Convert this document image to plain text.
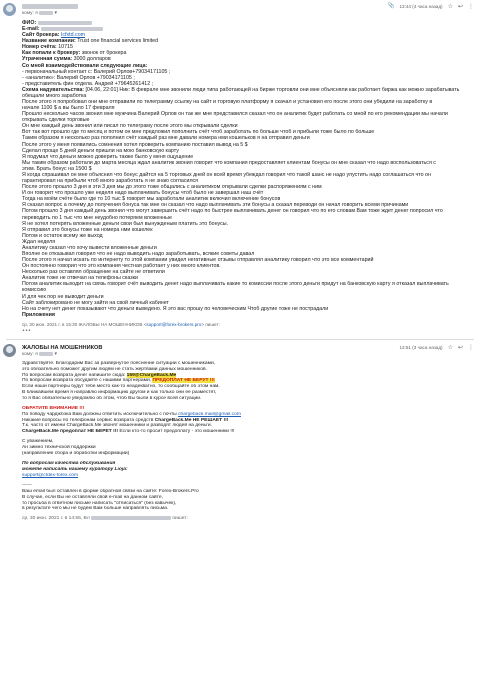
кому: я	▾
📎 13:44 (4 часа назад) ☆ ↩ ⋮
ФИО:
E-mail:
Сайт брокера: Icfxtd.com
Название компании: Trust one financial services limited
Номер счёта: 10715
Как попали к брокеру: звонок от брокера
Утраченная сумма: 3000 долларов
Со мной взаимодействовали следующие лица:
- первоначальный контакт с: Валерий Орлов+79034171105 ;
- «аналитик»: Валерий Орлов +79034171105 ;
- представитель фин отдела. Андрей +79645261412 ;
Схема надувательства: [04.06, 22:01] Ник: В феврале мне звонили люди типа работающей на бирже торговли они мне объясняли как работает биржа как можно зарабатывать
обещали много заработка
После этого я попробовал они мне отправили по телеграмму ссылку на сайт и торговую платформу я скачал и установил его после этого они убедили на заработку в
начале 1100 $ а вы было 17 февраля
Прошло несколько часов звонил мне мужчина Валерий Орлов он так же мне представился сказал что он аналитик будет работать со мной по его рекомендации мы начали
открывать сделки торговые
Он мне каждый день звонил или писал по телеграму после этого мы открывали сделки
Вот так вот прошло где то месяц и потом он мне предложил пополнить счёт чтоб заработать по больше чтоб и прибыли тоже было по больше
Таким образом я несколько раз пополнил счёт каждый раз мне давали номера нми кошельков я на отправил деньги
После этого у меня появились сомнения хотел проверить компанию поставил вывод на 5 $
Сделал проще 5 дней деньги пришли на мою банковскую карту
Я подумал что деньги можно доверить также было у меня ощущение
Мы таким образом работали до марта месяца ждал аналитик звонил говорит что компания предоставляет клиентам бонусы он мне сказал что надо воспользоваться с
этим. Брать бонус на 1500 $
Я когда спрашивал он мне объяснил что бонус дайтся на 5 торговых дней он всей время убеждал говорил что такой шанс не надо упустить надо соглашаться что он
гарантировал на прибыли чтоб много заработать я не знаю согласился
После этого прошло 3 дня в эти 3 дня мы до этого тоже общались с аналитиком открывали сделки распоряжениям с ним
И он говорит что прошло уже неделя надо выплачивать бонусы чтоб было не завершал наш счёт
Тогда на моём счёте было где то 10 тыс $ говорит мы заработали аналитик включил включение бонусов
Я сказал вопрос а почему до получения бонуса так мне он сказал что надо выплачивать эти бонусы а сказал переводи он начал говорить всеми причинами
Потом прошло 3 дня каждый день звонил что могут завершить счёт надо по быстрее выплачивать денег он говорил что по его словам Вам тоже ждет денег попросил что
переводить по 1 тыс что мне неудобно потеряем вложенные
Я не хотел потерять вложенные деньги свои был вынужденым платить это бонусы.
Я отправил это бонусы тоже на номера нми кошелек
Потом и остаток всему же выход
Ждал неделя
Аналитику сказал что хочу вывести вложенные деньги
Вполне он отказывал говорил что не надо выводить надо заработывать, всякие советы давал
После этого я начал искать по интернету то этой компании увидел негативные отзывы отправлял аналитику говорил что это все комментарий
Он постоянно говорил что это компания честная работает у них много клиентов.
Несколько раз оставлял обращение на сайте не ответили
Аналитик тоже не отвечал на телефоны сказки
Потом аналитик выходит на связь говорит счёт выводить денег надо выплачивать какие то комиссии после этого деньги придут на банковскую карту я отказал выплачивать
комиссию
И для чек пор не выводит деньги
Сайт заблокировано не могу зайти на свой личный кабинет
Но на счету нет денег показывают что деньги выведено. Я это вас прошу по человеческим Чтоб другие тоже не пострадали
Приложения
ср, 30 июн. 2021 г. в 15:30 ЖАЛОБЫ НА МОШЕННИКОВ <support@forex-brokers.pro> пишет:
•••
ЖАЛОБЫ НА МОШЕННИКОВ
кому: я	▾
13:51 (3 часа назад) ☆ ↩ ⋮
Здравствуйте. Благодарим Вас за развернутое пояснение ситуации с мошенниками,
это обязательно поможет другим людям не стать жертвами данных мошенников.
По вопросам возврата денег напишите сюда: 159@ChargeBack.Me
По вопросам возврата обсудайте с нашими партнерами, ПРЕДОПЛАТ НЕ БЕРУТ !!!
Если наши партнеры будут тебе место как-то неадекватно, то сообщайте об этом нам.
В ближайшем время я направлю информацию другом и как только они ее разместят,
то я Вас обязательно уведомлю об этом, чтоб Вы были в курсе всей ситуации.
ОБРАТИТЕ ВНИМАНИЕ !!!
По поводу чарджбэка Вам должны ответить исключительно с почты chargeback.mail@gmail.com
Никакие вопросы по телефонам сервис возврата средств ChargeBack.Me НЕ РЕШАЕТ !!!
Т.к. часто от имени ChargeBack.Me звонят мошенники и разводят людей на деньги.
ChargeBack.Me предоплат НЕ БЕРЕТ !!! Если кто-то просит предоплату - это мошенники !!!
С уважением,
Ан зимно техничской поддержки
(направление сбора и обработки информации)
По вопросам качества обслуживания
можете написать нашему куратору Lioja:
support@cfdex-forex.com
------
Ваш email был оставлен в форме обратной связи на сайте: Forex-Brokers.Pro
В случае, если Вы не оставляли свой e-mail на данном сайте,
то просьба в ответном письме написать "отписаться" (без кавычек),
в результате чего мы не будем Вам больше направлять письма.
ср, 30 июн. 2021 г. в 14:55, Вл	пишет:
